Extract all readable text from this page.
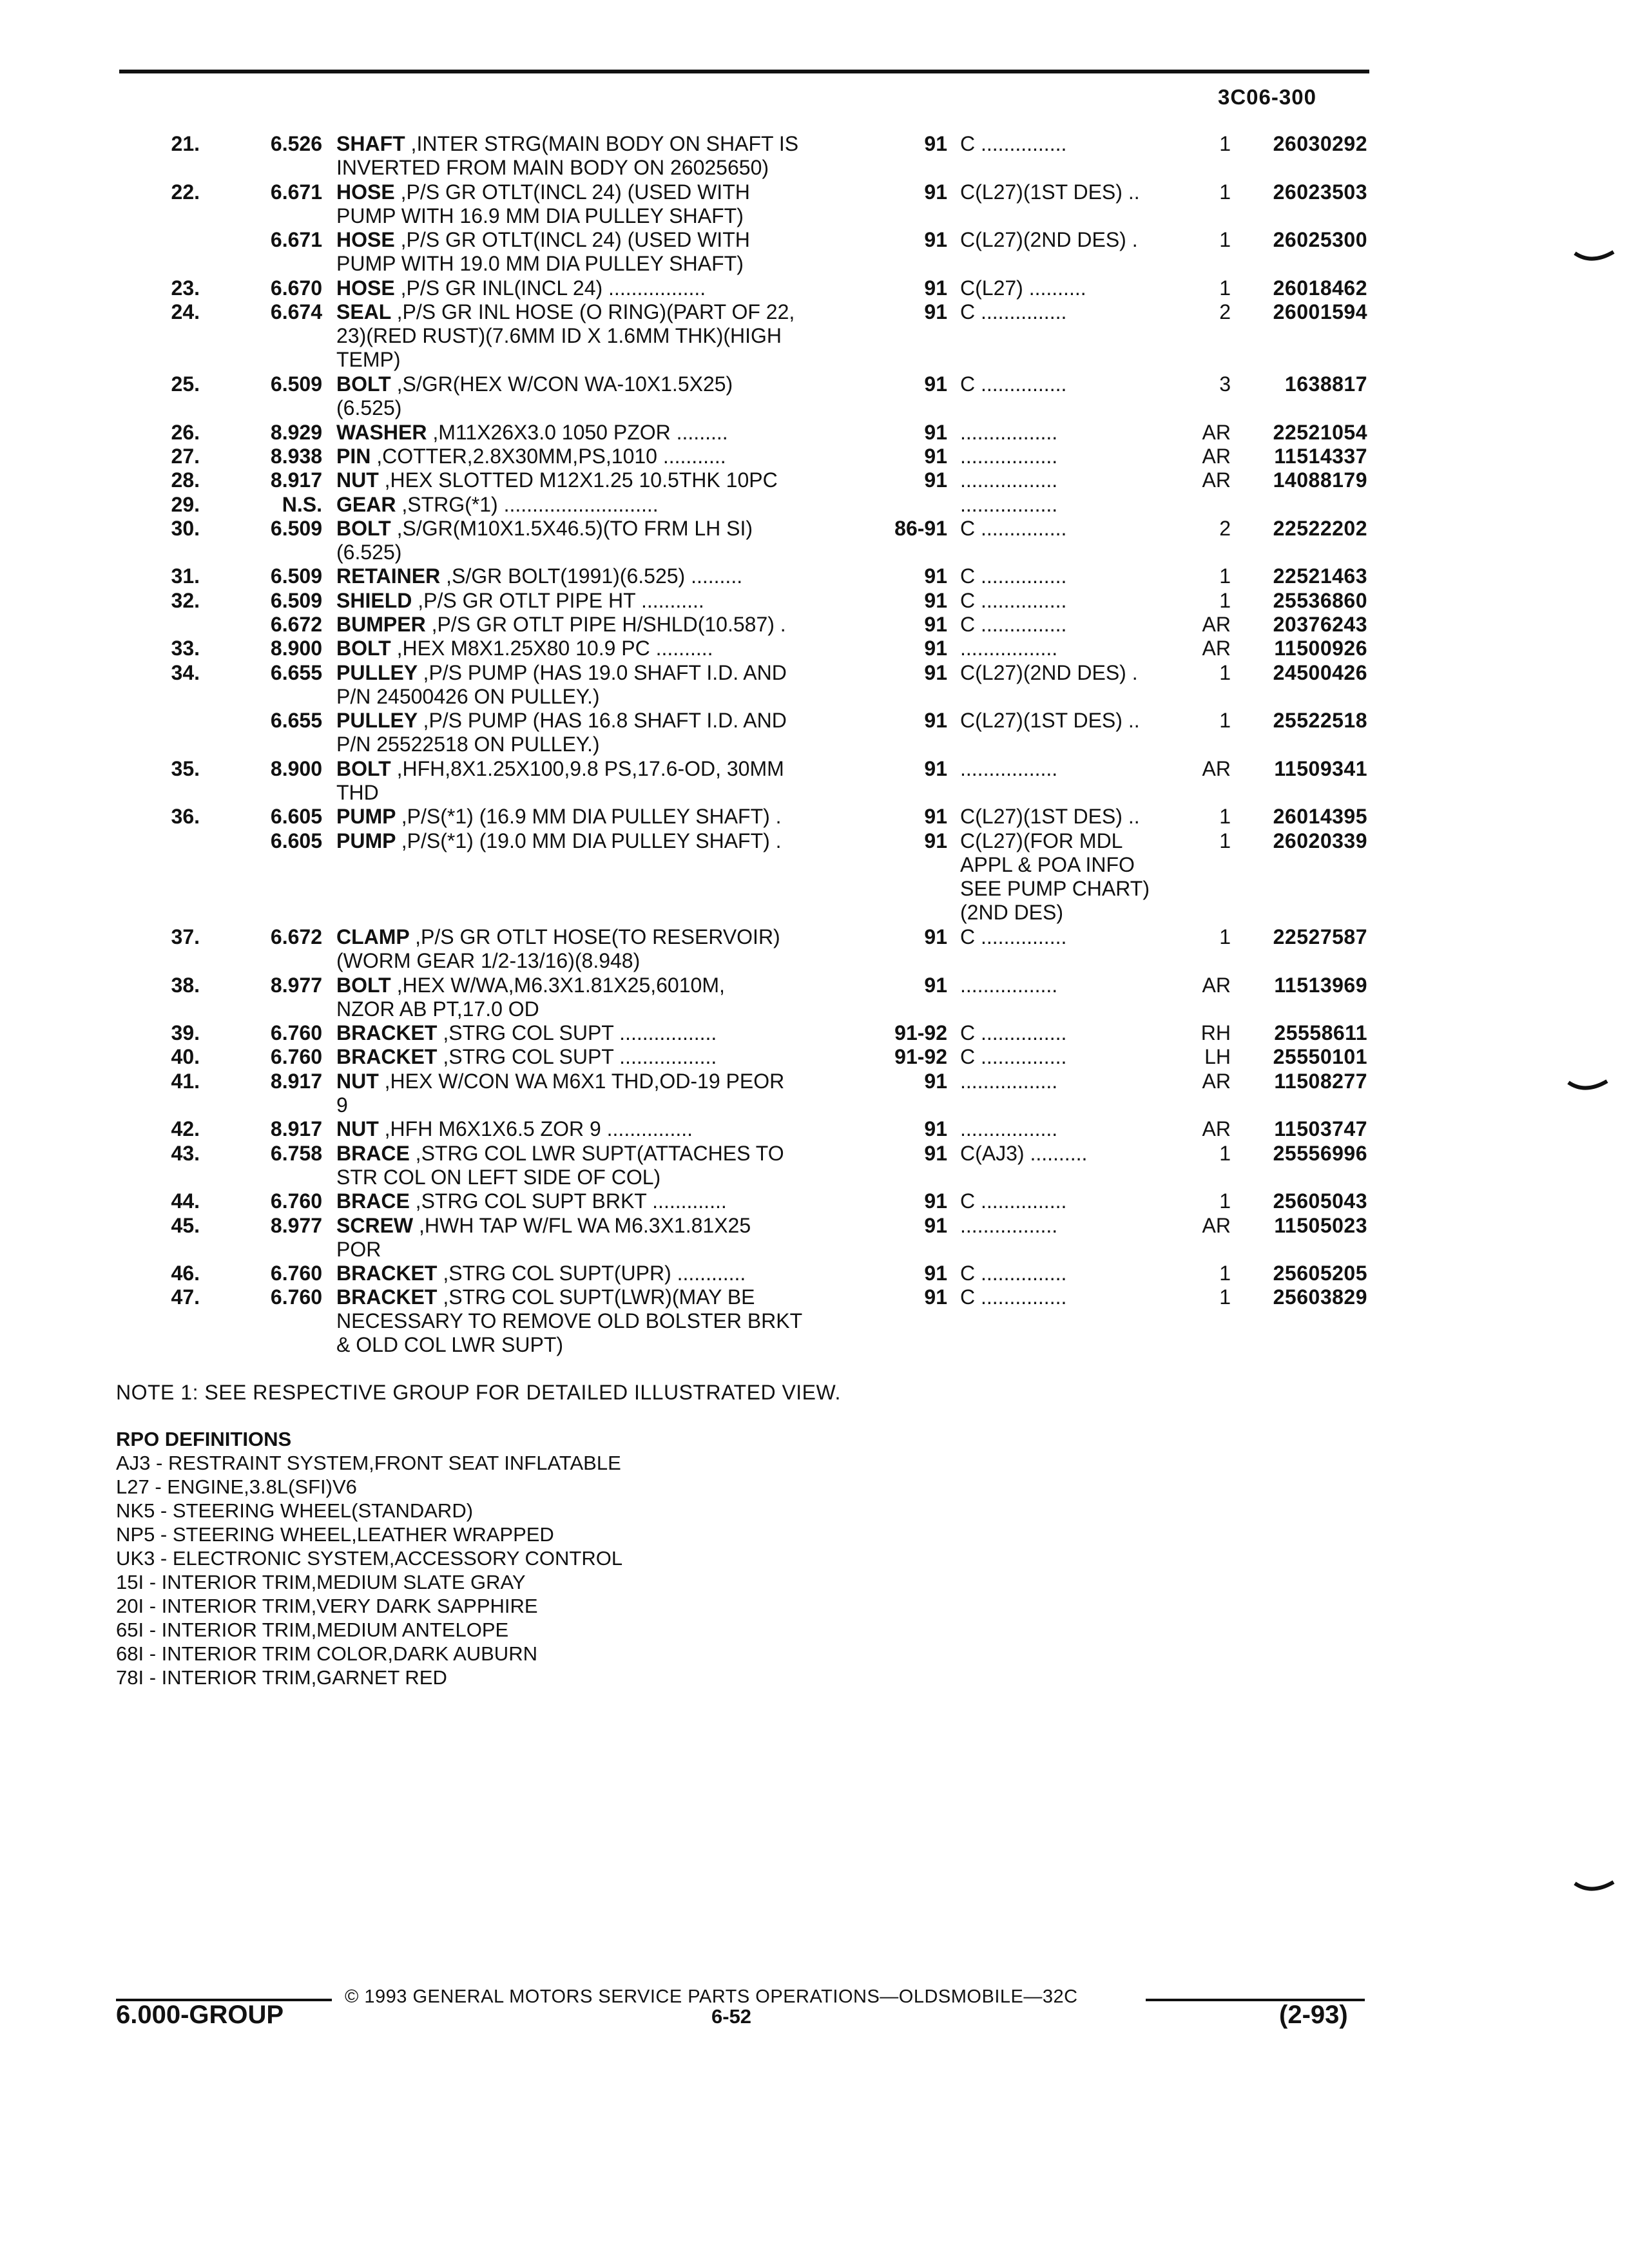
3C06-300
21.	6.526 SHAFT ,INTER STRG(MAIN BODY ON SHAFT IS
INVERTED FROM MAIN BODY ON 26025650)
91 C ...............	1	26030292
22.	6.671 HOSE ,P/S GR OTLT(INCL 24) (USED WITH
PUMP WITH 16.9 MM DIA PULLEY SHAFT)
91 C(L27)(1ST DES) ..	1	26023503
6.671 HOSE ,P/S GR OTLT(INCL 24) (USED WITH
PUMP WITH 19.0 MM DIA PULLEY SHAFT)
91 C(L27)(2ND DES) .	1	26025300
23.	6.670 HOSE ,P/S GR INL(INCL 24) .................	91 C(L27) ..........	1	26018462
24.	6.674 SEAL ,P/S GR INL HOSE (O RING)(PART OF 22,
23)(RED RUST)(7.6MM ID X 1.6MM THK)(HIGH
TEMP)
91 C ...............	2	26001594
25.	6.509 BOLT ,S/GR(HEX W/CON WA-10X1.5X25)
(6.525)
91 C ...............	3	1638817
26.	8.929 WASHER ,M11X26X3.0 1050 PZOR .........	91 .................	AR	22521054
27.	8.938 PIN ,COTTER,2.8X30MM,PS,1010 ...........	91 .................	AR	11514337
28.	8.917 NUT ,HEX SLOTTED M12X1.25 10.5THK 10PC	91 .................	AR	14088179
29.	N.S. GEAR ,STRG(*1) ...........................	.................
30.	6.509 BOLT ,S/GR(M10X1.5X46.5)(TO FRM LH SI)
(6.525)
86-91 C ...............	2	22522202
31.	6.509 RETAINER ,S/GR BOLT(1991)(6.525) .........	91 C ...............	1	22521463
32.	6.509 SHIELD ,P/S GR OTLT PIPE HT ...........	91 C ...............	1	25536860
6.672 BUMPER ,P/S GR OTLT PIPE H/SHLD(10.587) .	91 C ...............	AR	20376243
33.	8.900 BOLT ,HEX M8X1.25X80 10.9 PC ..........	91 .................	AR	11500926
34.	6.655 PULLEY ,P/S PUMP (HAS 19.0 SHAFT I.D. AND
P/N 24500426 ON PULLEY.)
91 C(L27)(2ND DES) .	1	24500426
6.655 PULLEY ,P/S PUMP (HAS 16.8 SHAFT I.D. AND
P/N 25522518 ON PULLEY.)
91 C(L27)(1ST DES) ..	1	25522518
35.	8.900 BOLT ,HFH,8X1.25X100,9.8 PS,17.6-OD, 30MM
THD
91 .................	AR	11509341
36.	6.605 PUMP ,P/S(*1) (16.9 MM DIA PULLEY SHAFT) .	91 C(L27)(1ST DES) ..	1	26014395
6.605 PUMP ,P/S(*1) (19.0 MM DIA PULLEY SHAFT) .	91 C(L27)(FOR MDL
APPL & POA INFO
SEE PUMP CHART)
(2ND DES)
1	26020339
37.	6.672 CLAMP ,P/S GR OTLT HOSE(TO RESERVOIR)
(WORM GEAR 1/2-13/16)(8.948)
91 C ...............	1	22527587
38.	8.977 BOLT ,HEX W/WA,M6.3X1.81X25,6010M,
NZOR AB PT,17.0 OD
91 .................	AR	11513969
39.	6.760 BRACKET ,STRG COL SUPT .................	91-92 C ...............	RH	25558611
40.	6.760 BRACKET ,STRG COL SUPT .................	91-92 C ...............	LH	25550101
41.	8.917 NUT ,HEX W/CON WA M6X1 THD,OD-19 PEOR
9
91 .................	AR	11508277
42.	8.917 NUT ,HFH M6X1X6.5 ZOR 9 ...............	91 .................	AR	11503747
43.	6.758 BRACE ,STRG COL LWR SUPT(ATTACHES TO
STR COL ON LEFT SIDE OF COL)
91 C(AJ3) ..........	1	25556996
44.	6.760 BRACE ,STRG COL SUPT BRKT .............	91 C ...............	1	25605043
45.	8.977 SCREW ,HWH TAP W/FL WA M6.3X1.81X25
POR
91 .................	AR	11505023
46.	6.760 BRACKET ,STRG COL SUPT(UPR) ............	91 C ...............	1	25605205
47.	6.760 BRACKET ,STRG COL SUPT(LWR)(MAY BE
NECESSARY TO REMOVE OLD BOLSTER BRKT
& OLD COL LWR SUPT)
91 C ...............	1	25603829
NOTE 1: SEE RESPECTIVE GROUP FOR DETAILED ILLUSTRATED VIEW.
RPO DEFINITIONS
AJ3 - RESTRAINT SYSTEM,FRONT SEAT INFLATABLE
L27 - ENGINE,3.8L(SFI)V6
NK5 - STEERING WHEEL(STANDARD)
NP5 - STEERING WHEEL,LEATHER WRAPPED
UK3 - ELECTRONIC SYSTEM,ACCESSORY CONTROL
15I - INTERIOR TRIM,MEDIUM SLATE GRAY
20I - INTERIOR TRIM,VERY DARK SAPPHIRE
65I - INTERIOR TRIM,MEDIUM ANTELOPE
68I - INTERIOR TRIM COLOR,DARK AUBURN
78I - INTERIOR TRIM,GARNET RED
© 1993 GENERAL MOTORS SERVICE PARTS OPERATIONS—OLDSMOBILE—32C
6.000-GROUP	6-52	(2-93)
